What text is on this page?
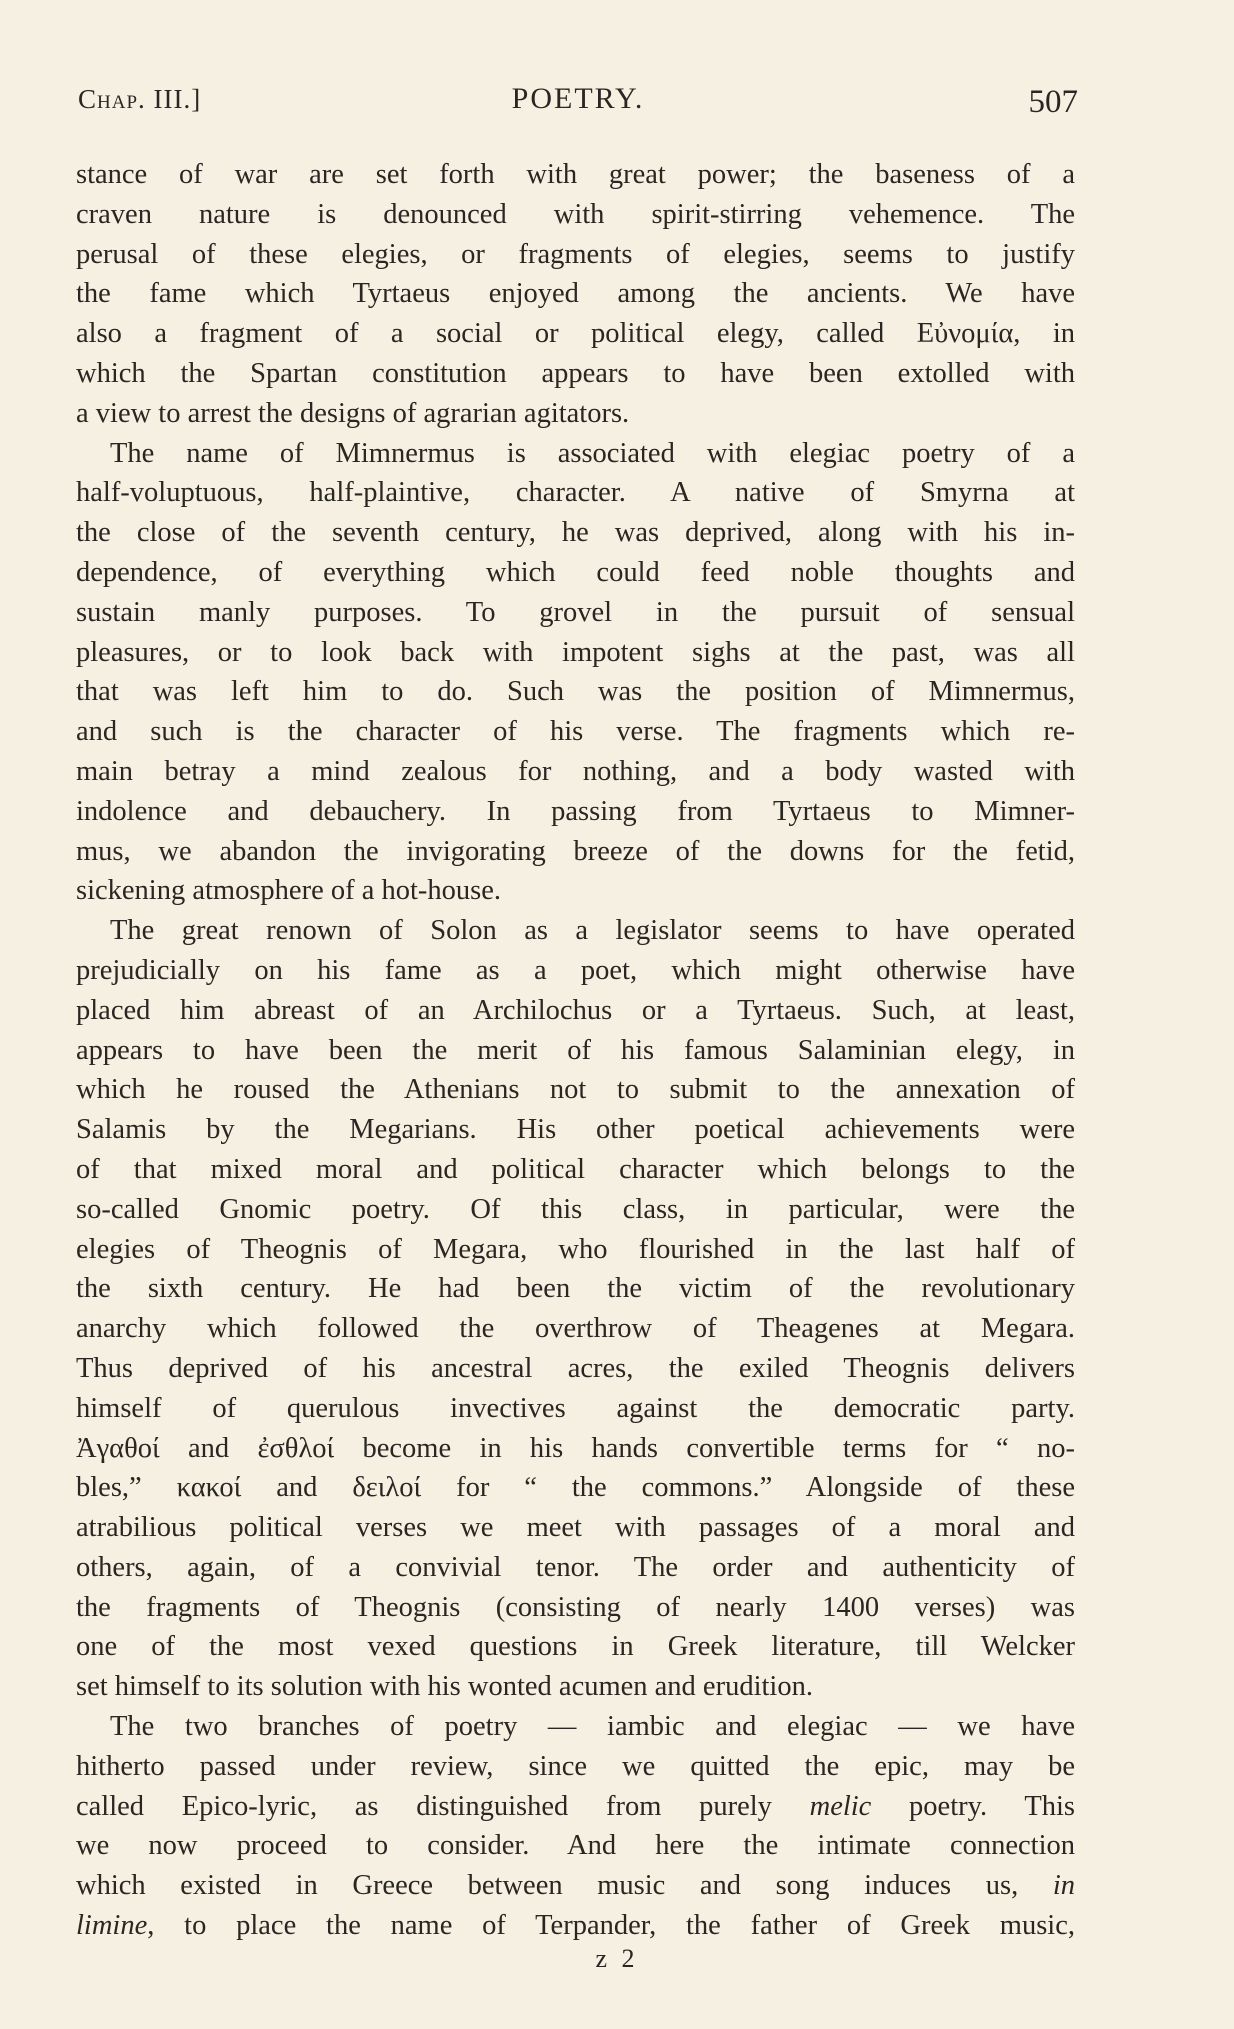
Chap. III.]	POETRY.	507
stance of war are set forth with great power; the baseness of a
craven nature is denounced with spirit-stirring vehemence. The
perusal of these elegies, or fragments of elegies, seems to justify
the fame which Tyrtaeus enjoyed among the ancients. We have
also a fragment of a social or political elegy, called Εὐνομία, in
which the Spartan constitution appears to have been extolled with
a view to arrest the designs of agrarian agitators.
The name of Mimnermus is associated with elegiac poetry of a
half-voluptuous, half-plaintive, character. A native of Smyrna at
the close of the seventh century, he was deprived, along with his in-
dependence, of everything which could feed noble thoughts and
sustain manly purposes. To grovel in the pursuit of sensual
pleasures, or to look back with impotent sighs at the past, was all
that was left him to do. Such was the position of Mimnermus,
and such is the character of his verse. The fragments which re-
main betray a mind zealous for nothing, and a body wasted with
indolence and debauchery. In passing from Tyrtaeus to Mimner-
mus, we abandon the invigorating breeze of the downs for the fetid,
sickening atmosphere of a hot-house.
The great renown of Solon as a legislator seems to have operated
prejudicially on his fame as a poet, which might otherwise have
placed him abreast of an Archilochus or a Tyrtaeus. Such, at least,
appears to have been the merit of his famous Salaminian elegy, in
which he roused the Athenians not to submit to the annexation of
Salamis by the Megarians. His other poetical achievements were
of that mixed moral and political character which belongs to the
so-called Gnomic poetry. Of this class, in particular, were the
elegies of Theognis of Megara, who flourished in the last half of
the sixth century. He had been the victim of the revolutionary
anarchy which followed the overthrow of Theagenes at Megara.
Thus deprived of his ancestral acres, the exiled Theognis delivers
himself of querulous invectives against the democratic party.
Ἀγαθοί and ἐσθλοί become in his hands convertible terms for “ no-
bles,” κακοί and δειλοί for “ the commons.” Alongside of these
atrabilious political verses we meet with passages of a moral and
others, again, of a convivial tenor. The order and authenticity of
the fragments of Theognis (consisting of nearly 1400 verses) was
one of the most vexed questions in Greek literature, till Welcker
set himself to its solution with his wonted acumen and erudition.
The two branches of poetry — iambic and elegiac — we have
hitherto passed under review, since we quitted the epic, may be
called Epico-lyric, as distinguished from purely melic poetry. This
we now proceed to consider. And here the intimate connection
which existed in Greece between music and song induces us, in
limine, to place the name of Terpander, the father of Greek music,
z 2
